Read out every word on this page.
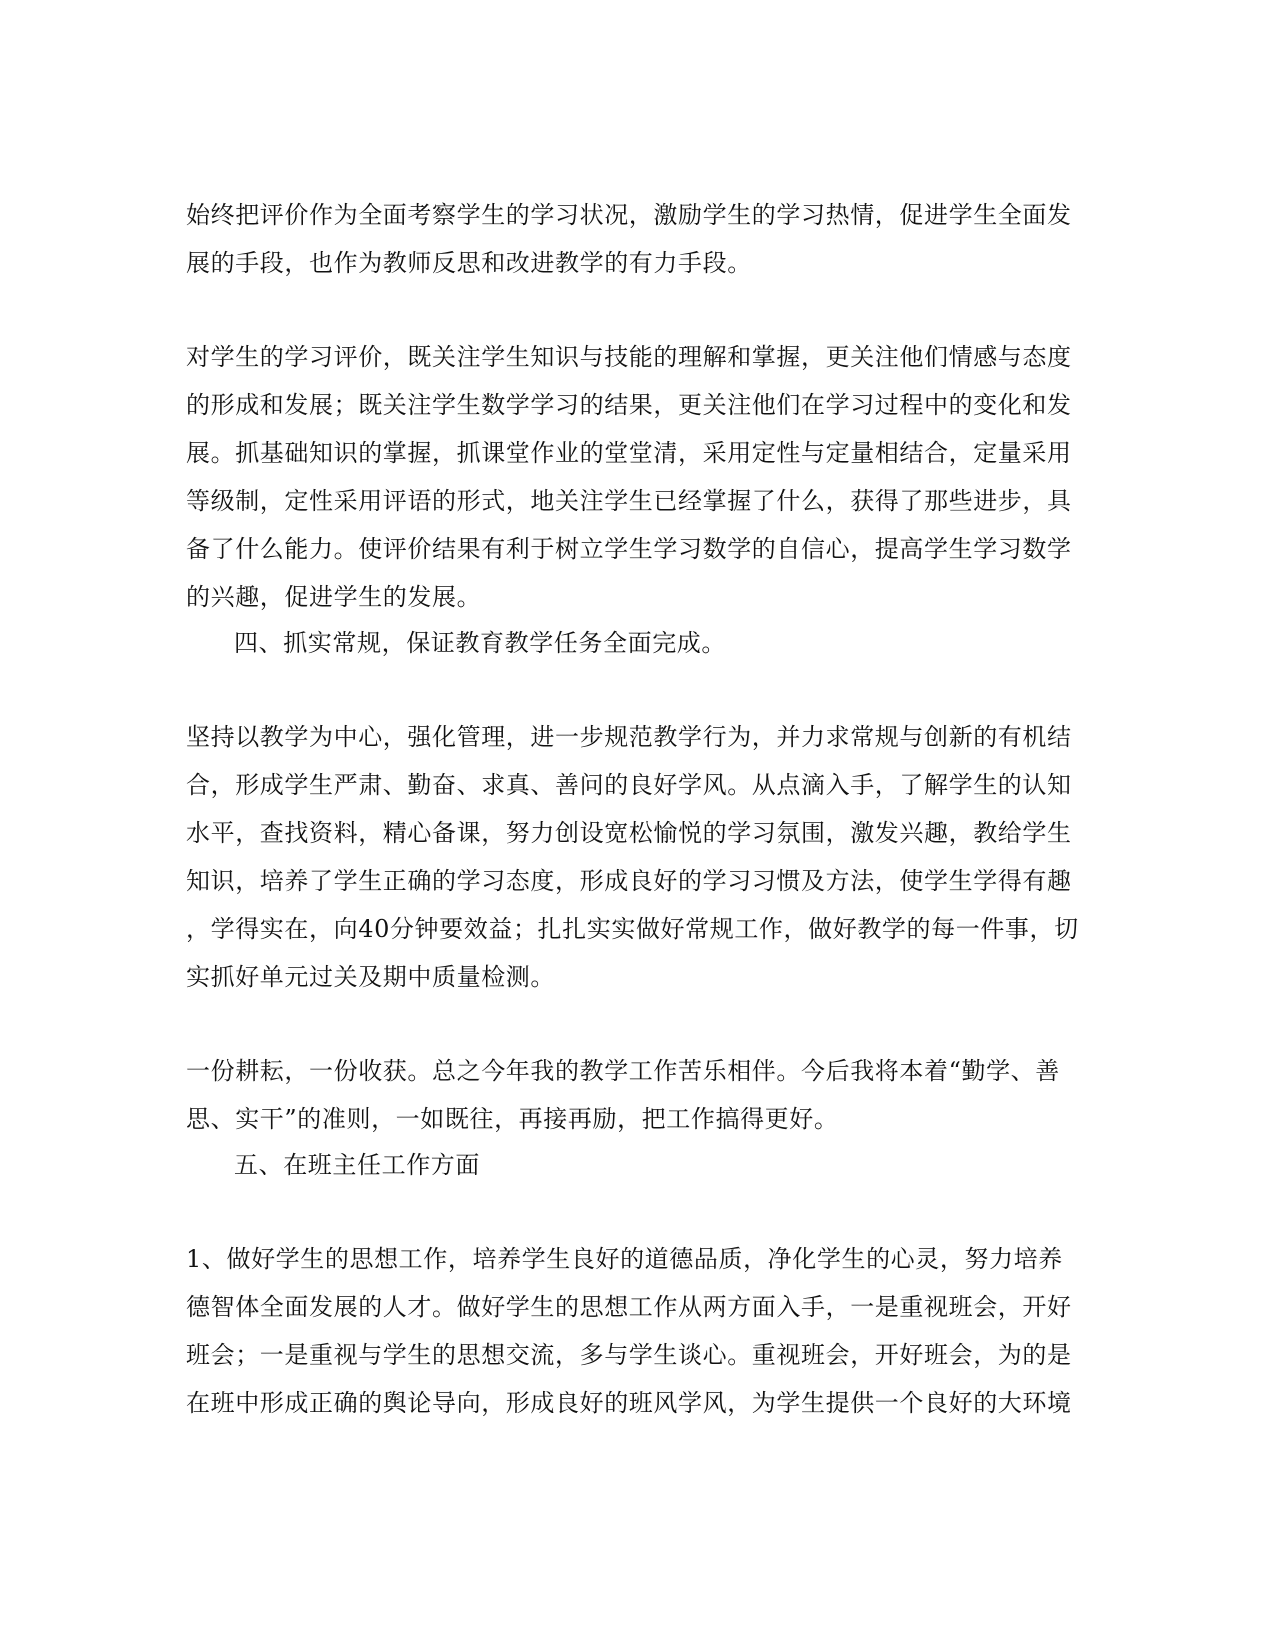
始终把评价作为全面考察学生的学习状况，激励学生的学习热情，促进学生全面发
展的手段，也作为教师反思和改进教学的有力手段。
对学生的学习评价，既关注学生知识与技能的理解和掌握，更关注他们情感与态度
的形成和发展；既关注学生数学学习的结果，更关注他们在学习过程中的变化和发
展。抓基础知识的掌握，抓课堂作业的堂堂清，采用定性与定量相结合，定量采用
等级制，定性采用评语的形式，地关注学生已经掌握了什么，获得了那些进步，具
备了什么能力。使评价结果有利于树立学生学习数学的自信心，提高学生学习数学
的兴趣，促进学生的发展。
四、抓实常规，保证教育教学任务全面完成。
坚持以教学为中心，强化管理，进一步规范教学行为，并力求常规与创新的有机结
合，形成学生严肃、勤奋、求真、善问的良好学风。从点滴入手，了解学生的认知
水平，查找资料，精心备课，努力创设宽松愉悦的学习氛围，激发兴趣，教给学生
知识，培养了学生正确的学习态度，形成良好的学习习惯及方法，使学生学得有趣
，学得实在，向40分钟要效益；扎扎实实做好常规工作，做好教学的每一件事，切
实抓好单元过关及期中质量检测。
一份耕耘，一份收获。总之今年我的教学工作苦乐相伴。今后我将本着“勤学、善
思、实干”的准则，一如既往，再接再励，把工作搞得更好。
五、在班主任工作方面
1、做好学生的思想工作，培养学生良好的道德品质，净化学生的心灵，努力培养
德智体全面发展的人才。做好学生的思想工作从两方面入手，一是重视班会，开好
班会；一是重视与学生的思想交流，多与学生谈心。重视班会，开好班会，为的是
在班中形成正确的舆论导向，形成良好的班风学风，为学生提供一个良好的大环境
